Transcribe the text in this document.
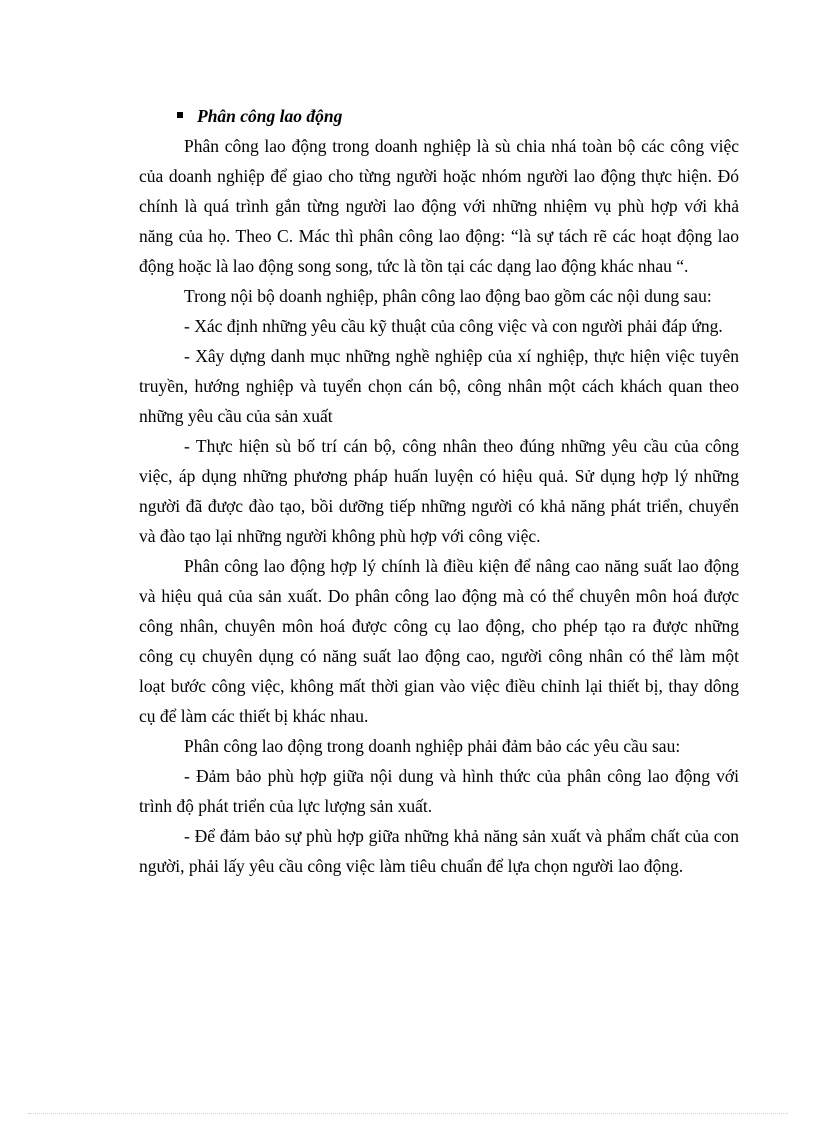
Phân công lao động

Phân công lao động trong doanh nghiệp là sù chia nhá toàn bộ các công việc của doanh nghiệp để giao cho từng người hoặc nhóm người lao động thực hiện. Đó chính là quá trình gắn từng người lao động với những nhiệm vụ phù hợp với khả năng của họ. Theo C. Mác thì phân công lao động: “là sự tách rẽ các hoạt động lao động hoặc là lao động song song, tức là tồn tại các dạng lao động khác nhau “.

Trong nội bộ doanh nghiệp, phân công lao động bao gồm các nội dung sau:

- Xác định những yêu cầu kỹ thuật của công việc và con người phải đáp ứng.

- Xây dựng danh mục những nghề nghiệp của xí nghiệp, thực hiện việc tuyên truyền, hướng nghiệp và tuyển chọn cán bộ, công nhân một cách khách quan theo những yêu cầu của sản xuất

- Thực hiện sù bố trí cán bộ, công nhân theo đúng những yêu cầu của công việc, áp dụng những phương pháp huấn luyện có hiệu quả. Sử dụng hợp lý những người đã được đào tạo, bồi dưỡng tiếp những người có khả năng phát triển, chuyển và đào tạo lại những người không phù hợp với công việc.

Phân công lao động hợp lý chính là điều kiện để nâng cao năng suất lao động và hiệu quả của sản xuất. Do phân công lao động mà có thể chuyên môn hoá được công nhân, chuyên môn hoá được công cụ lao động, cho phép tạo ra được những công cụ chuyên dụng có năng suất lao động cao, người công nhân có thể làm một loạt bước công việc, không mất thời gian vào việc điều chỉnh lại thiết bị, thay dông cụ để làm các thiết bị khác nhau.

Phân công lao động trong doanh nghiệp phải đảm bảo các yêu cầu sau:

- Đảm bảo phù hợp giữa nội dung và hình thức của phân công lao động với trình độ phát triển của lực lượng sản xuất.

- Để đảm bảo sự phù hợp giữa những khả năng sản xuất và phẩm chất của con người, phải lấy yêu cầu công việc làm tiêu chuẩn để lựa chọn người lao động.
